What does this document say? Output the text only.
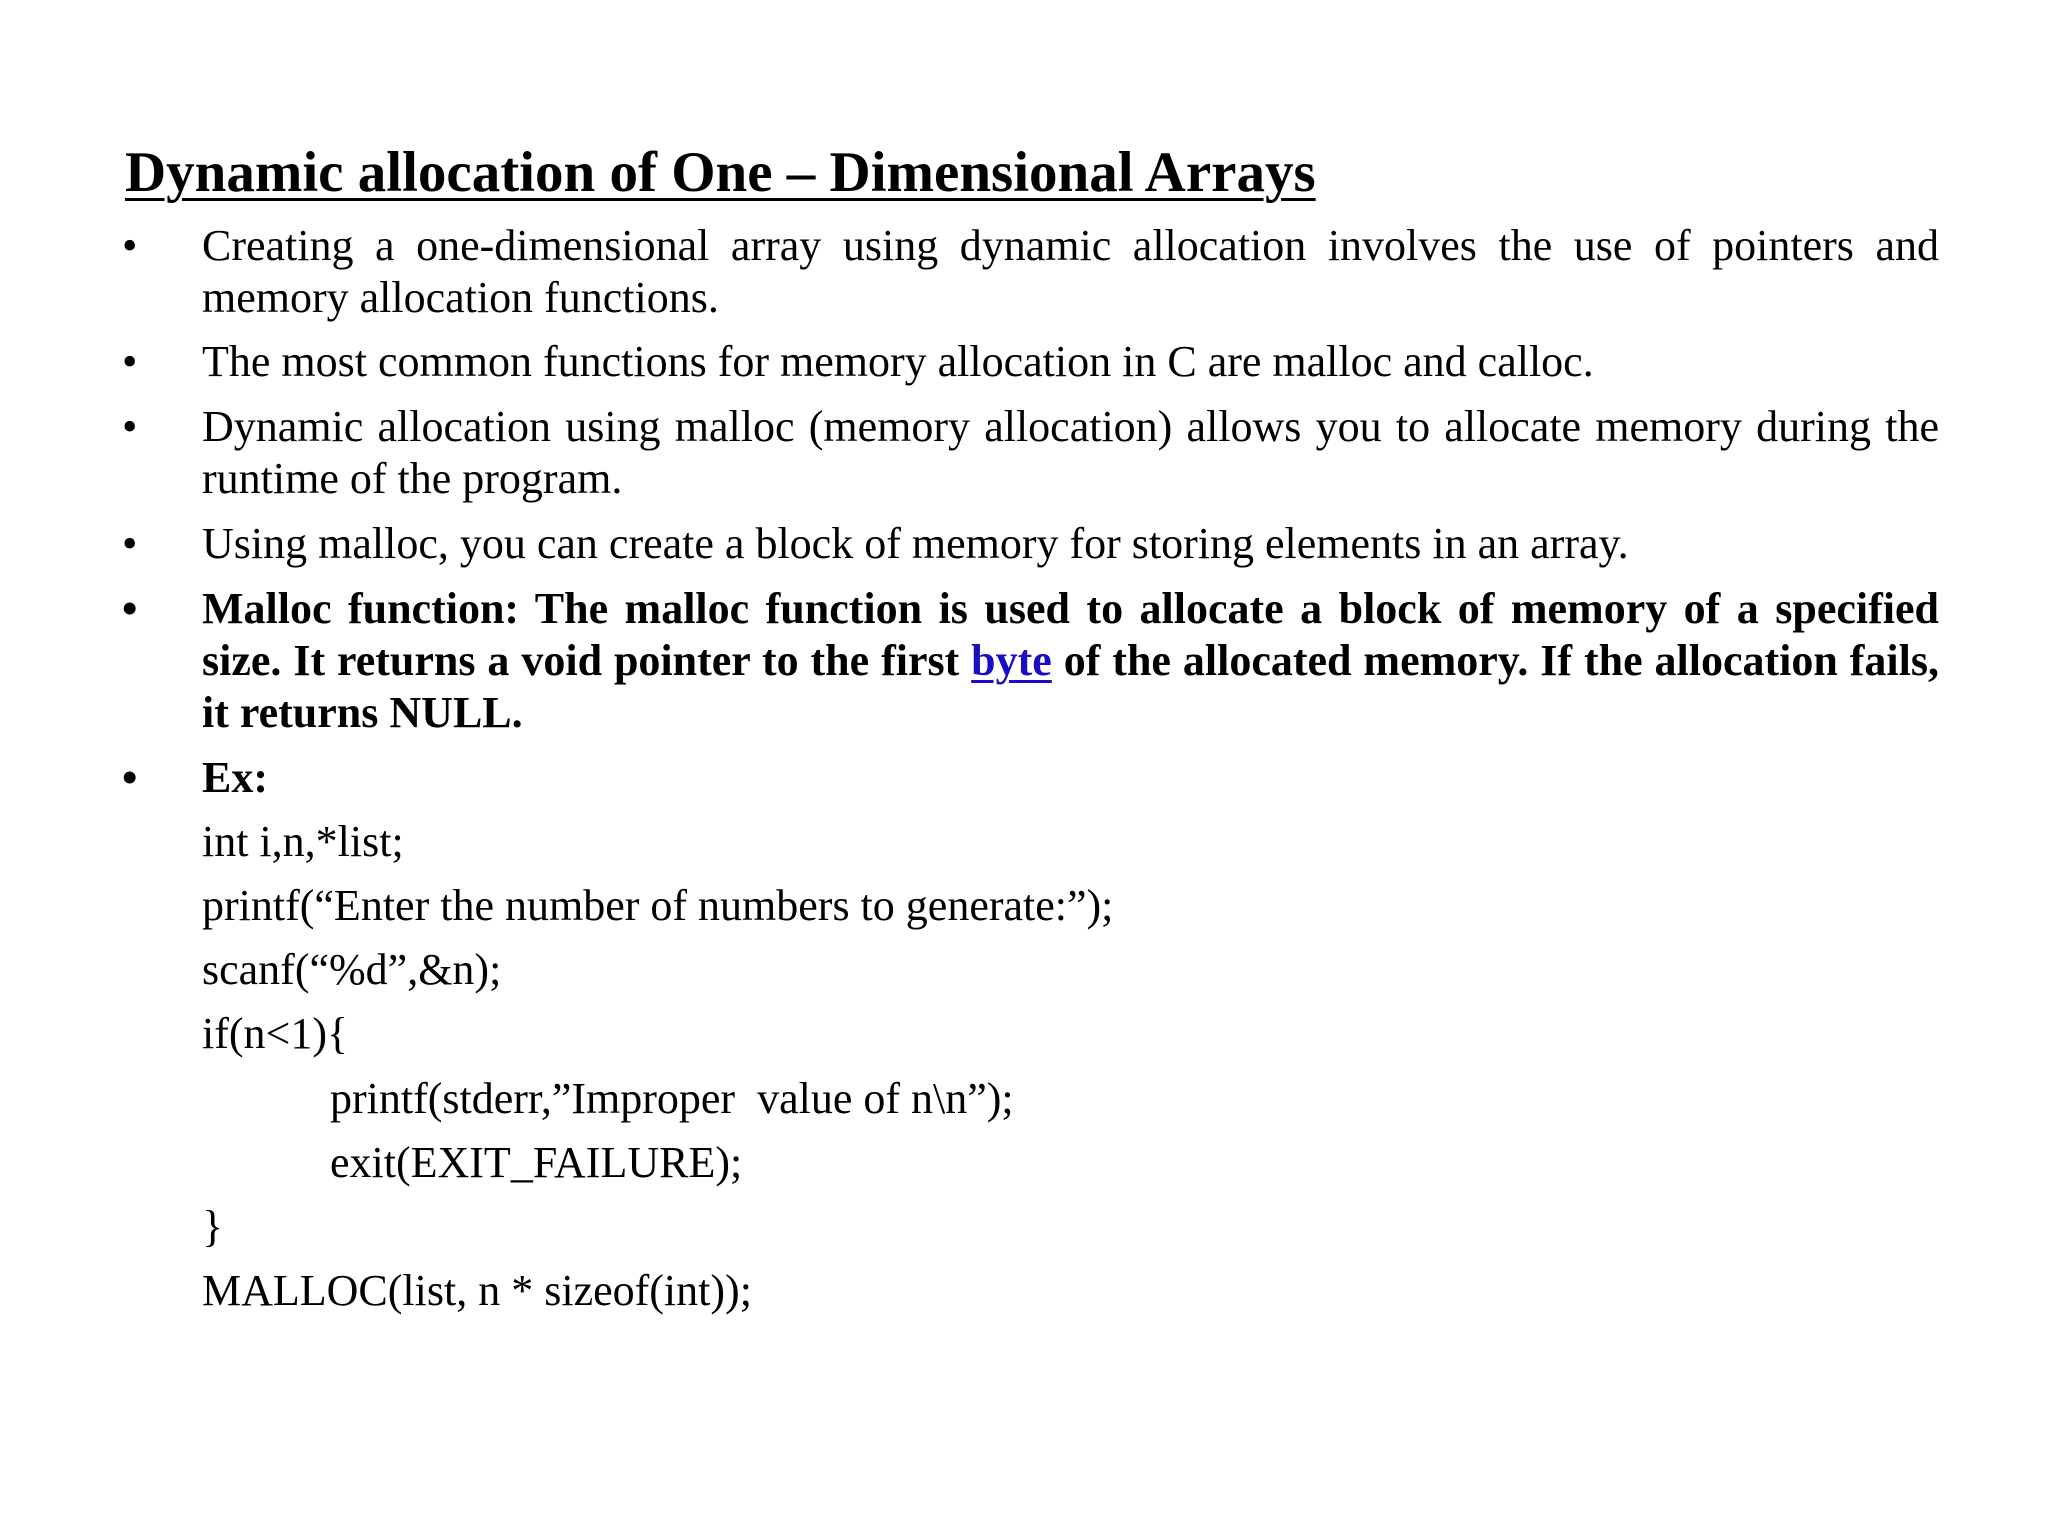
Dynamic allocation of One – Dimensional Arrays
• Creating a one-dimensional array using dynamic allocation involves the use of pointers and memory allocation functions.
• The most common functions for memory allocation in C are malloc and calloc.
• Dynamic allocation using malloc (memory allocation) allows you to allocate memory during the runtime of the program.
• Using malloc, you can create a block of memory for storing elements in an array.
• Malloc function: The malloc function is used to allocate a block of memory of a specified size. It returns a void pointer to the first byte of the allocated memory. If the allocation fails, it returns NULL.
• Ex:
int i,n,*list;
printf(“Enter the number of numbers to generate:”);
scanf(“%d”,&n);
if(n<1){
printf(stderr,”Improper  value of n\n”);
exit(EXIT_FAILURE);
}
MALLOC(list, n * sizeof(int));
